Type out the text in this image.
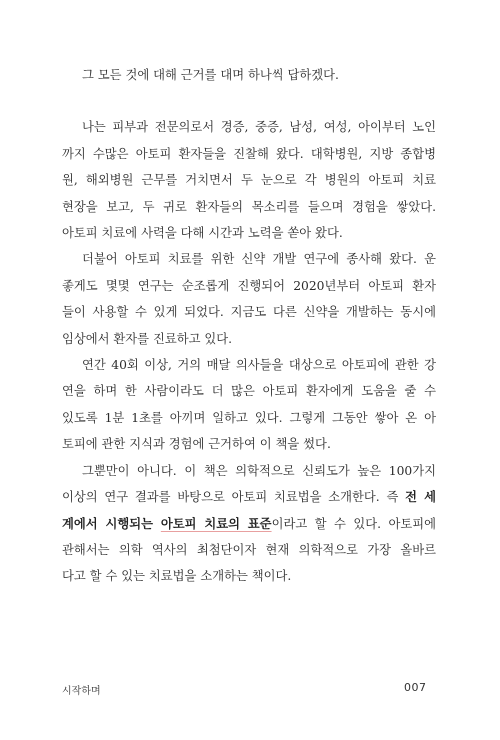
그 모든 것에 대해 근거를 대며 하나씩 답하겠다.

나는 피부과 전문의로서 경증, 중증, 남성, 여성, 아이부터 노인
까지 수많은 아토피 환자들을 진찰해 왔다. 대학병원, 지방 종합병
원, 해외병원 근무를 거치면서 두 눈으로 각 병원의 아토피 치료
현장을 보고, 두 귀로 환자들의 목소리를 들으며 경험을 쌓았다.
아토피 치료에 사력을 다해 시간과 노력을 쏟아 왔다.

더불어 아토피 치료를 위한 신약 개발 연구에 종사해 왔다. 운
좋게도 몇몇 연구는 순조롭게 진행되어 2020년부터 아토피 환자
들이 사용할 수 있게 되었다. 지금도 다른 신약을 개발하는 동시에
임상에서 환자를 진료하고 있다.

연간 40회 이상, 거의 매달 의사들을 대상으로 아토피에 관한 강
연을 하며 한 사람이라도 더 많은 아토피 환자에게 도움을 줄 수
있도록 1분 1초를 아끼며 일하고 있다. 그렇게 그동안 쌓아 온 아
토피에 관한 지식과 경험에 근거하여 이 책을 썼다.

그뿐만이 아니다. 이 책은 의학적으로 신뢰도가 높은 100가지
이상의 연구 결과를 바탕으로 아토피 치료법을 소개한다. 즉 전 세
계에서 시행되는 아토피 치료의 표준이라고 할 수 있다. 아토피에
관해서는 의학 역사의 최첨단이자 현재 의학적으로 가장 올바르
다고 할 수 있는 치료법을 소개하는 책이다.

시작하며	007
